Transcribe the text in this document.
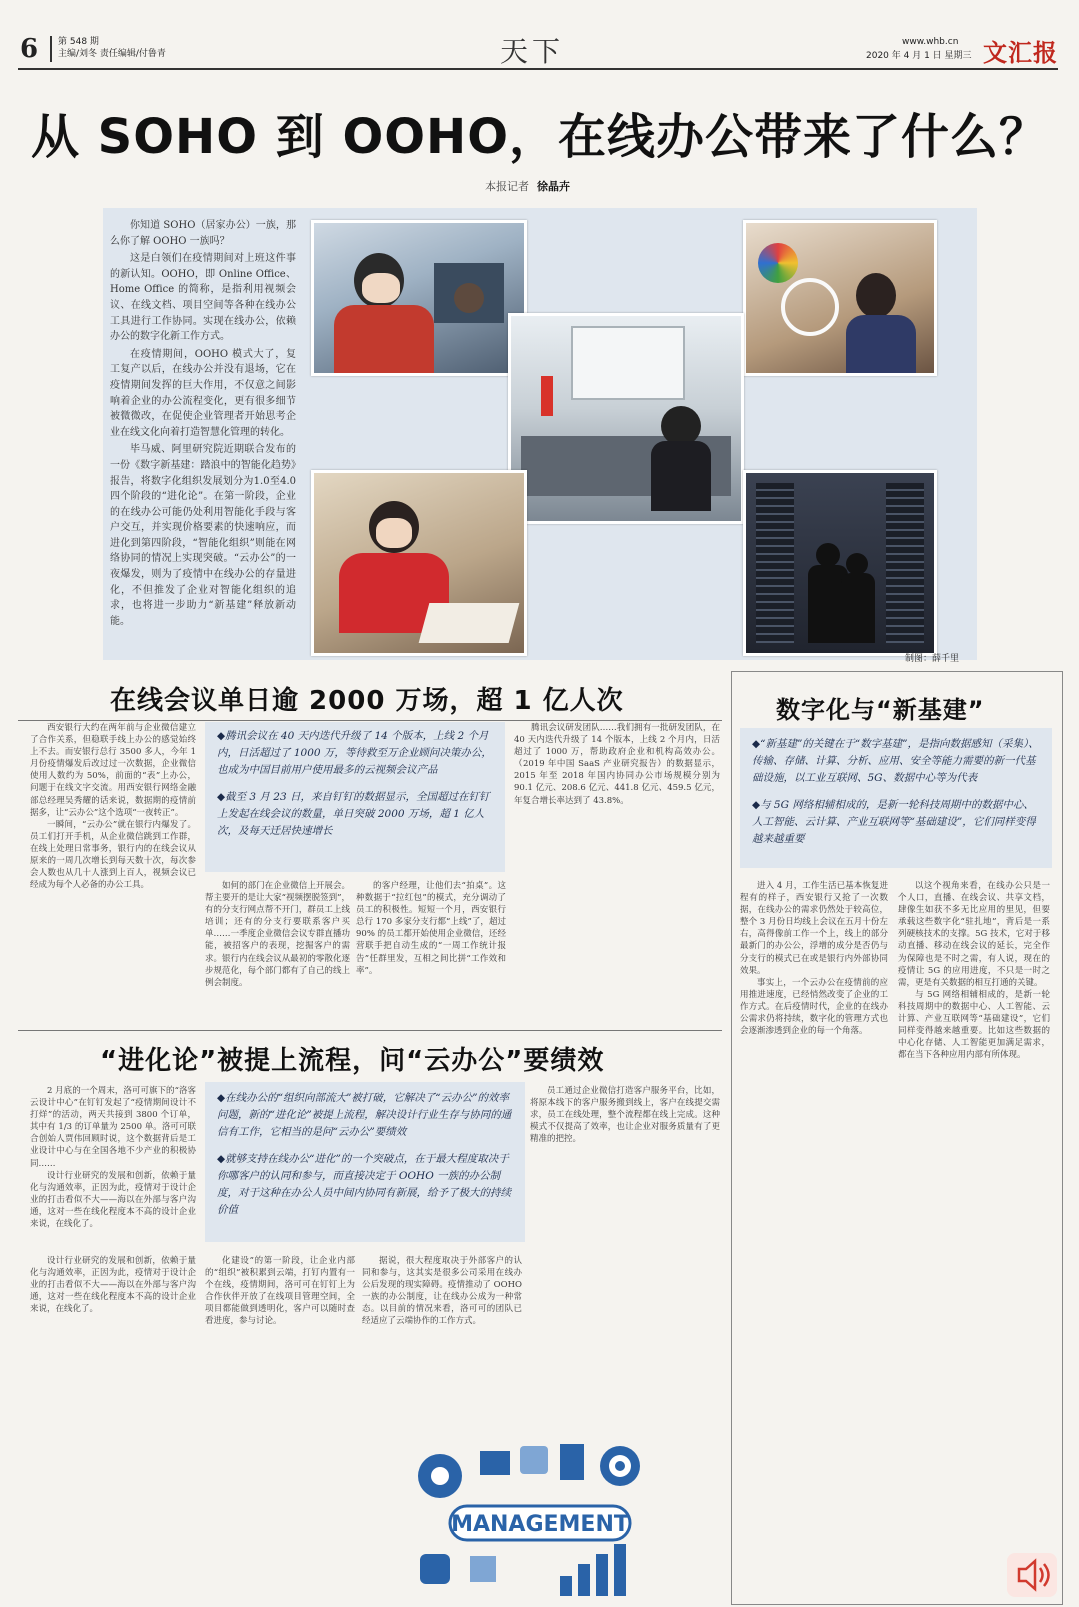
6 第 548 期
主编/刘冬 责任编辑/付鲁青	天下	www.whb.cn
2020 年 4 月 1 日 星期三 文汇报
从 SOHO 到 OOHO，在线办公带来了什么？
本报记者 徐晶卉

你知道 SOHO（居家办公）一族，那么你了解 OOHO 一族吗？

这是白领们在疫情期间对上班这件事的新认知。OOHO，即 Online Office、Home Office 的简称，是指利用视频会议、在线文档、项目空间等各种在线办公工具进行工作协同。实现在线办公，依赖办公的数字化新工作方式。

在疫情期间，OOHO 模式大了，复工复产以后，在线办公并没有退场，它在疫情期间发挥的巨大作用，不仅意之间影响着企业的办公流程变化，更有很多细节被微微改，在促使企业管理者开始思考企业在线文化向着打造智慧化管理的转化。

毕马威、阿里研究院近期联合发布的一份《数字新基建：踏浪中的智能化趋势》报告，将数字化组织发展划分为1.0至4.0四个阶段的“进化论”。在第一阶段，企业的在线办公可能仍处利用智能化手段与客户交互，并实现价格要素的快速响应，而进化到第四阶段，“智能化组织”则能在网络协同的情况上实现突破。“云办公”的一夜爆发，则为了疫情中在线办公的存量进化，不但推发了企业对智能化组织的追求，也将进一步助力“新基建”释放新动能。

制图：薛千里
在线会议单日逾 2000 万场，超 1 亿人次

西安银行大约在两年前与企业微信建立了合作关系，但稳联手线上办公的感觉始终上不去。而安银行总行 3500 多人，今年 1 月份疫情爆发后改过过一次数据，企业微信使用人数约为 50%，前面的“表”上办公，问题于在线文字交流。用西安银行网络金融部总经理吴秀耀的话来说，数据期的疫情前据多，让“云办公”这个选项“一夜转正”。

一瞬间，“云办公”就在银行内爆发了。员工们打开手机，从企业微信跳到工作群，在线上处理日常事务，银行内的在线会议从原来的一周几次增长到每天数十次，每次参会人数也从几十人涨到上百人，视频会议已经成为每个人必备的办公工具。

◆腾讯会议在 40 天内迭代升级了 14 个版本，上线 2 个月内，日活超过了 1000 万，等待救至万企业顾问决策办公，也成为中国目前用户使用最多的云视频会议产品

◆截至 3 月 23 日，来自钉钉的数据显示，全国超过在钉钉上发起在线会议的数量，单日突破 2000 万场，超 1 亿人次，及每天迁居快速增长

如何的部门在企业微信上开展会。帮主要开的是让大家“视频摆脱签到”，有的分支行网点帮不开门，群员工上线培训；还有的分支行要联系客户买单……一季度企业微信会议专群直播功能，被招客户的表现，挖掘客户的需求。银行内在线会议从最初的零散化逐步规范化，每个部门都有了自己的线上例会制度。

的客户经理，让他们去“拍桌”。这种数据于“拉红包”的模式，充分调动了员工的积极性。短短一个月，西安银行总行 170 多家分支行都“上线”了，超过 90% 的员工都开始使用企业微信，还经营联手把自动生成的“一周工作统计报告”任群里发，互相之间比拼“工作效和率”。

腾讯会议研发团队……我们拥有一批研发团队，在 40 天内迭代升级了 14 个版本，上线 2 个月内，日活超过了 1000 万，帮助政府企业和机构高效办公。（2019 年中国 SaaS 产业研究报告）的数据显示，2015 年至 2018 年国内协同办公市场规模分别为 90.1 亿元、208.6 亿元、441.8 亿元、459.5 亿元，年复合增长率达到了 43.8%。

数字化与“新基建”

◆“新基建”的关键在于“数字基建”，是指向数据感知（采集）、传输、存储、计算、分析、应用、安全等能力需要的新一代基础设施，以工业互联网、5G、数据中心等为代表

◆与 5G 网络相辅相成的，是新一轮科技周期中的数据中心、人工智能、云计算、产业互联网等“基础建设”，它们同样变得越来越重要

进入 4 月，工作生活已基本恢复进程有的样子，西安银行又抢了一次数据，在线办公的需求仍然处于较高位，整个 3 月份日均线上会议在五月十份左右，高得像前工作一个上，线上的部分最新门的办公公，浮增的成分是否仍与分支行的模式已在或是银行内外部协同效果。

事实上，一个云办公在疫情前的应用推进速度，已经悄然改变了企业的工作方式。在后疫情时代，企业的在线办公需求仍将持续，数字化的管理方式也会逐渐渗透到企业的每一个角落。

以这个视角来看，在线办公只是一个人口，直播、在线会议、共享文档，肆像生如获不多无比应用的里见，但要承载这些数字化“驻扎地”，背后是一系列硬核技术的支撑。5G 技术，它对于移动直播、移动在线会议的延长，完全作为保障也是不时之需，有人说，现在的疫情让 5G 的应用进度，不只是一时之需，更是有关数据的相互打通的关键。

与 5G 网络相辅相成的，是新一轮科技周期中的数据中心、人工智能、云计算、产业互联网等“基础建设”，它们同样变得越来越重要。比如这些数据的中心化存储、人工智能更加满足需求，都在当下各种应用内部有所体现。

“进化论”被提上流程，问“云办公”要绩效

2 月底的一个周末，洛可可旗下的“洛客云设计中心”在钉钉发起了“疫情期间设计不打烊”的活动，两天共接到 3800 个订单，其中有 1/3 的订单量为 2500 单。洛可可联合创始人贾伟回顾时说，这个数据背后是工业设计中心与在全国各地不少产业的积极协同……

设计行业研究的发展和创新，依赖于量化与沟通效率，正因为此，疫情对于设计企业的打击看似不大——海以在外部与客户沟通，这对一些在线化程度本不高的设计企业来说，在线化了。

◆在线办公的“组织向部流大”被打破，它解决了“云办公”的效率问题，新的“进化论”被提上流程，解决设计行业生存与协同的通信有工作，它相当的是问“云办公”要绩效

◆就够支持在线办公“进化”的一个突破点，在于最大程度取决于你哪客户的认同和参与，而直接决定于 OOHO 一族的办公制度，对于这种在办公人员中间内协同有新展，给予了极大的持续价值

员工通过企业微信打造客户服务平台，比如，将原本线下的客户服务搬到线上，客户在线提交需求，员工在线处理，整个流程都在线上完成。这种模式不仅提高了效率，也让企业对服务质量有了更精准的把控。

设计行业研究的发展和创新，依赖于量化与沟通效率，正因为此，疫情对于设计企业的打击看似不大——海以在外部与客户沟通，这对一些在线化程度本不高的设计企业来说，在线化了。

化建设”的第一阶段，让企业内部的“组织”被积累到云端，打钉内置有一个在线，疫情期间，洛可可在钉钉上为合作伙伴开放了在线项目管理空间，全项目都能做到透明化，客户可以随时查看进度，参与讨论。

据说，很大程度取决于外部客户的认同和参与，这其实是很多公司采用在线办公后发现的现实障碍。疫情推动了 OOHO 一族的办公制度，让在线办公成为一种常态。以目前的情况来看，洛可可的团队已经适应了云端协作的工作方式。

MANAGEMENT
